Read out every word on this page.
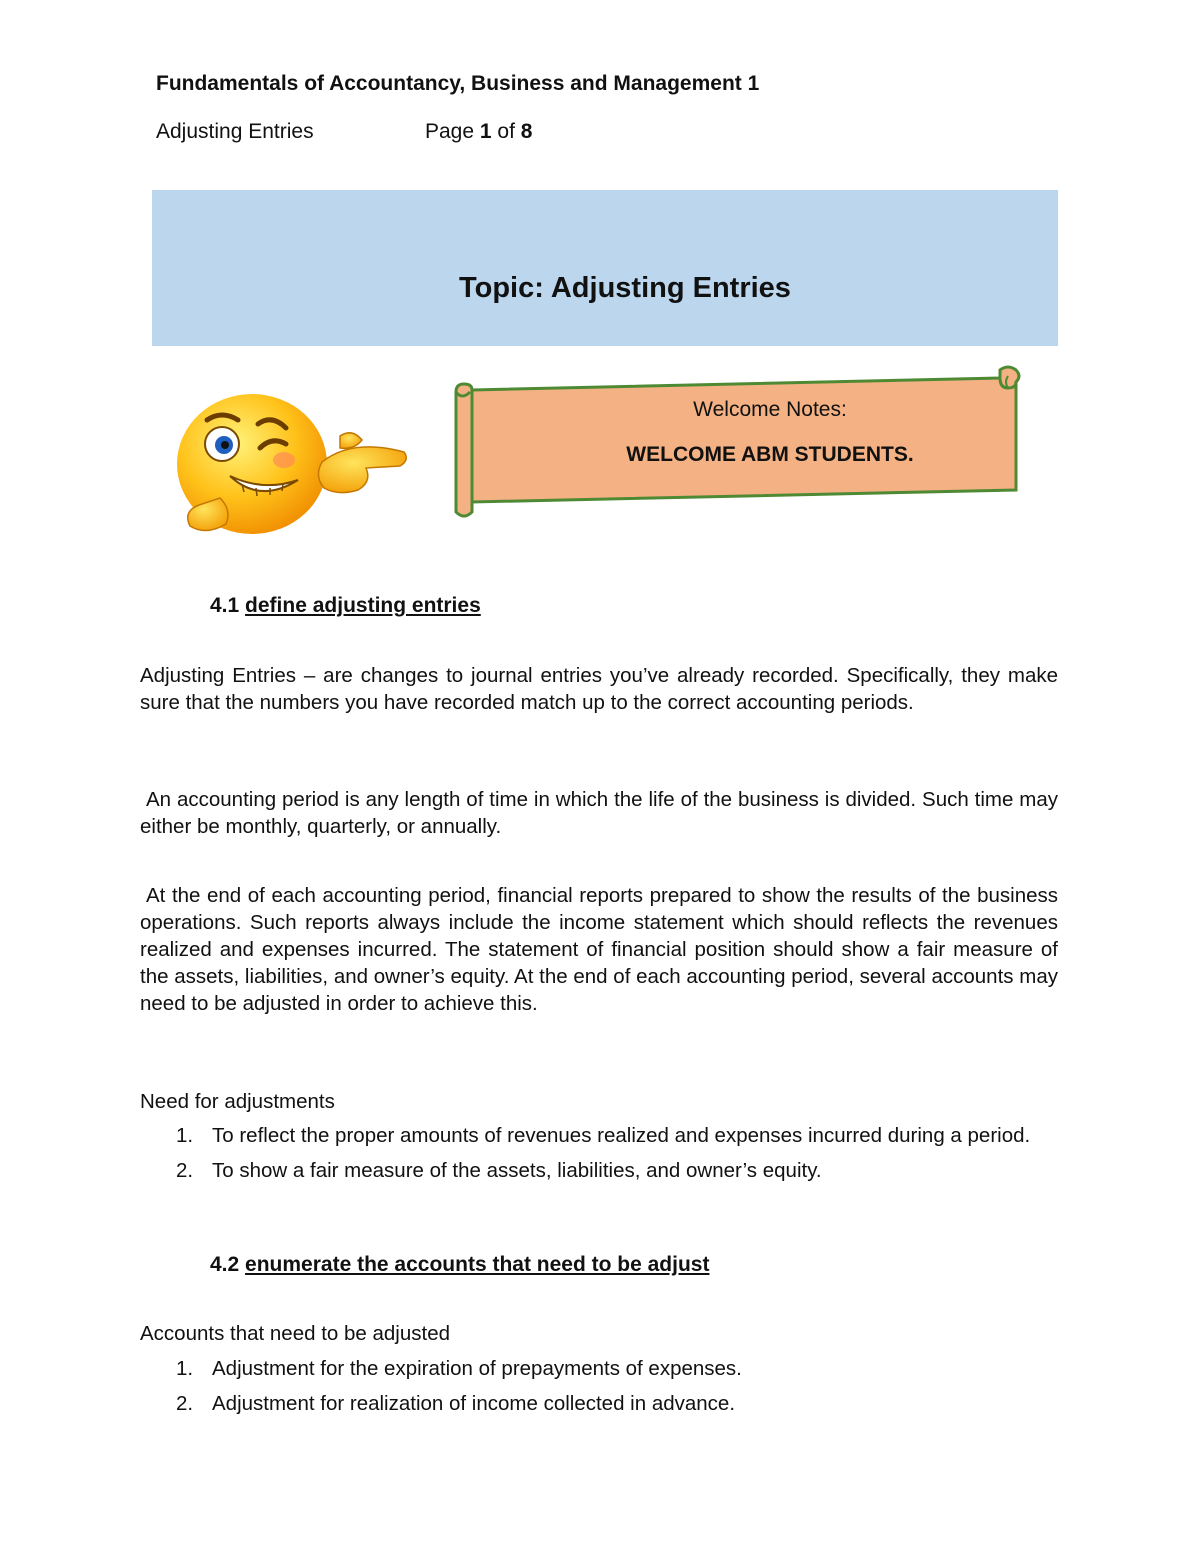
Fundamentals of Accountancy, Business and Management 1
Adjusting Entries	Page 1 of 8
Topic: Adjusting Entries
Welcome Notes:
WELCOME ABM STUDENTS.
4.1 define adjusting entries

Adjusting Entries – are changes to journal entries you’ve already recorded. Specifically, they make sure that the numbers you have recorded match up to the correct accounting periods.

An accounting period is any length of time in which the life of the business is divided. Such time may either be monthly, quarterly, or annually.

At the end of each accounting period, financial reports prepared to show the results of the business operations. Such reports always include the income statement which should reflects the revenues realized and expenses incurred. The statement of financial position should show a fair measure of the assets, liabilities, and owner’s equity. At the end of each accounting period, several accounts may need to be adjusted in order to achieve this.

Need for adjustments
1. To reflect the proper amounts of revenues realized and expenses incurred during a period.
2. To show a fair measure of the assets, liabilities, and owner’s equity.
4.2 enumerate the accounts that need to be adjust
Accounts that need to be adjusted
1. Adjustment for the expiration of prepayments of expenses.
2. Adjustment for realization of income collected in advance.
